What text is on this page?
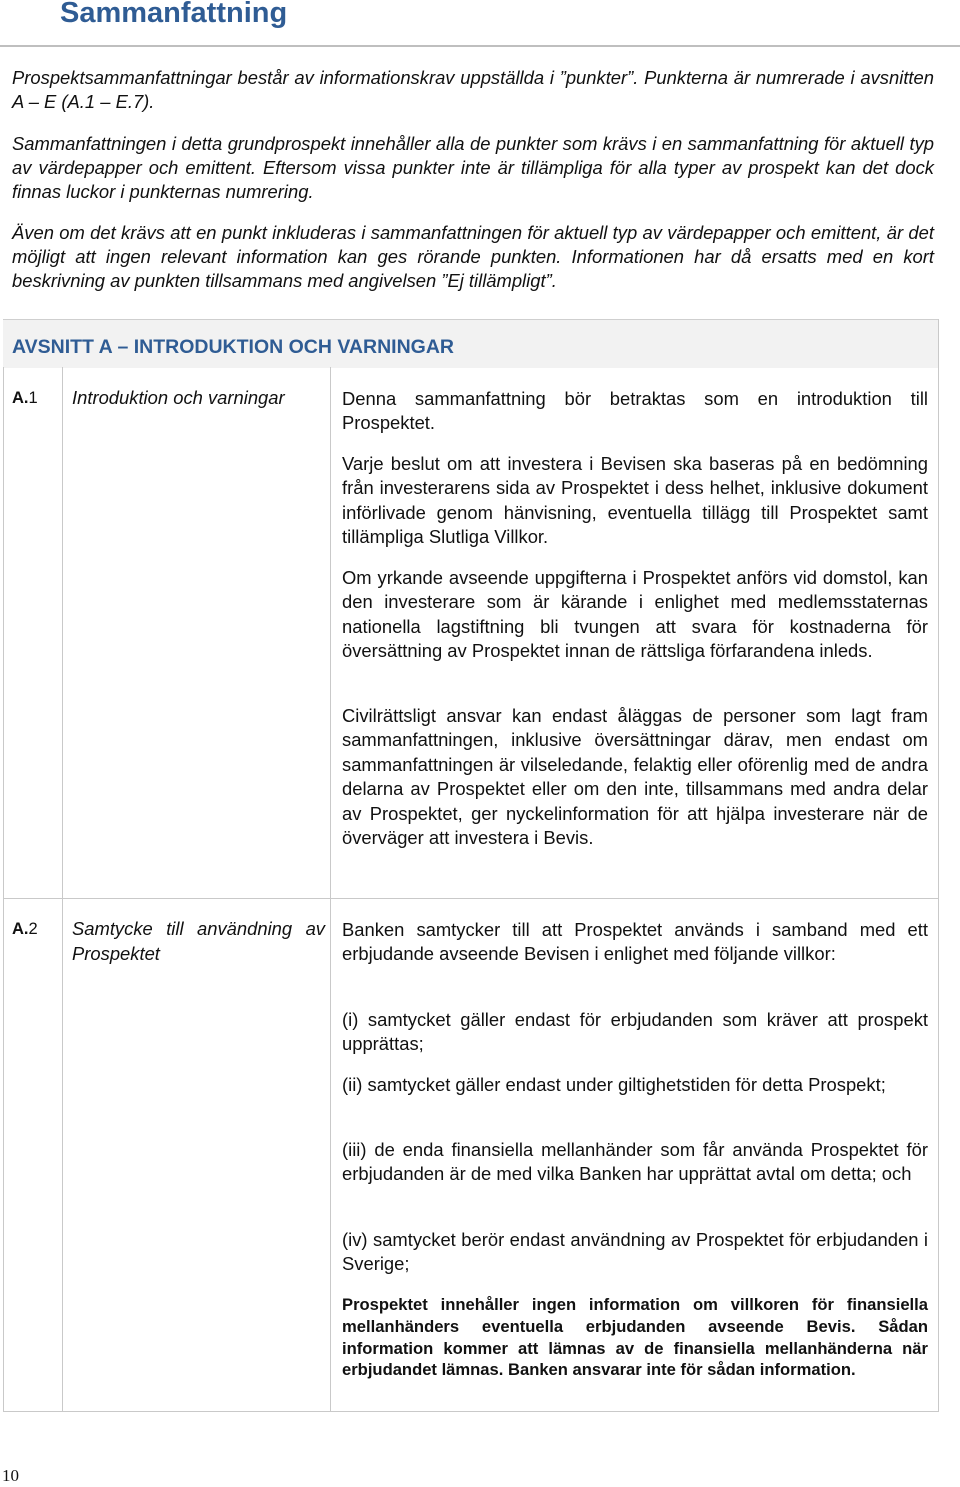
Sammanfattning

Prospektsammanfattningar består av informationskrav uppställda i ”punkter”. Punkterna är numrerade i avsnitten A – E (A.1 – E.7).

Sammanfattningen i detta grundprospekt innehåller alla de punkter som krävs i en sammanfattning för aktuell typ av värdepapper och emittent. Eftersom vissa punkter inte är tillämpliga för alla typer av prospekt kan det dock finnas luckor i punkternas numrering.

Även om det krävs att en punkt inkluderas i sammanfattningen för aktuell typ av värdepapper och emittent, är det möjligt att ingen relevant information kan ges rörande punkten. Informationen har då ersatts med en kort beskrivning av punkten tillsammans med angivelsen ”Ej tillämpligt”.

AVSNITT A – INTRODUKTION OCH VARNINGAR
A.1 Introduktion och varningar	Denna sammanfattning bör betraktas som en introduktion till Prospektet.

Varje beslut om att investera i Bevisen ska baseras på en bedömning från investerarens sida av Prospektet i dess helhet, inklusive dokument införlivade genom hänvisning, eventuella tillägg till Prospektet samt tillämpliga Slutliga Villkor.

Om yrkande avseende uppgifterna i Prospektet anförs vid domstol, kan den investerare som är kärande i enlighet med medlemsstaternas nationella lagstiftning bli tvungen att svara för kostnaderna för översättning av Prospektet innan de rättsliga förfarandena inleds.

Civilrättsligt ansvar kan endast åläggas de personer som lagt fram sammanfattningen, inklusive översättningar därav, men endast om sammanfattningen är vilseledande, felaktig eller oförenlig med de andra delarna av Prospektet eller om den inte, tillsammans med andra delar av Prospektet, ger nyckelinformation för att hjälpa investerare när de överväger att investera i Bevis.

A.2 Samtycke till användning av Prospektet

Banken samtycker till att Prospektet används i samband med ett erbjudande avseende Bevisen i enlighet med följande villkor:

(i) samtycket gäller endast för erbjudanden som kräver att prospekt upprättas;

(ii) samtycket gäller endast under giltighetstiden för detta Prospekt;

(iii) de enda finansiella mellanhänder som får använda Prospektet för erbjudanden är de med vilka Banken har upprättat avtal om detta; och

(iv) samtycket berör endast användning av Prospektet för erbjudanden i Sverige;

Prospektet innehåller ingen information om villkoren för finansiella mellanhänders eventuella erbjudanden avseende Bevis. Sådan information kommer att lämnas av de finansiella mellanhänderna när erbjudandet lämnas. Banken ansvarar inte för sådan information.

10
